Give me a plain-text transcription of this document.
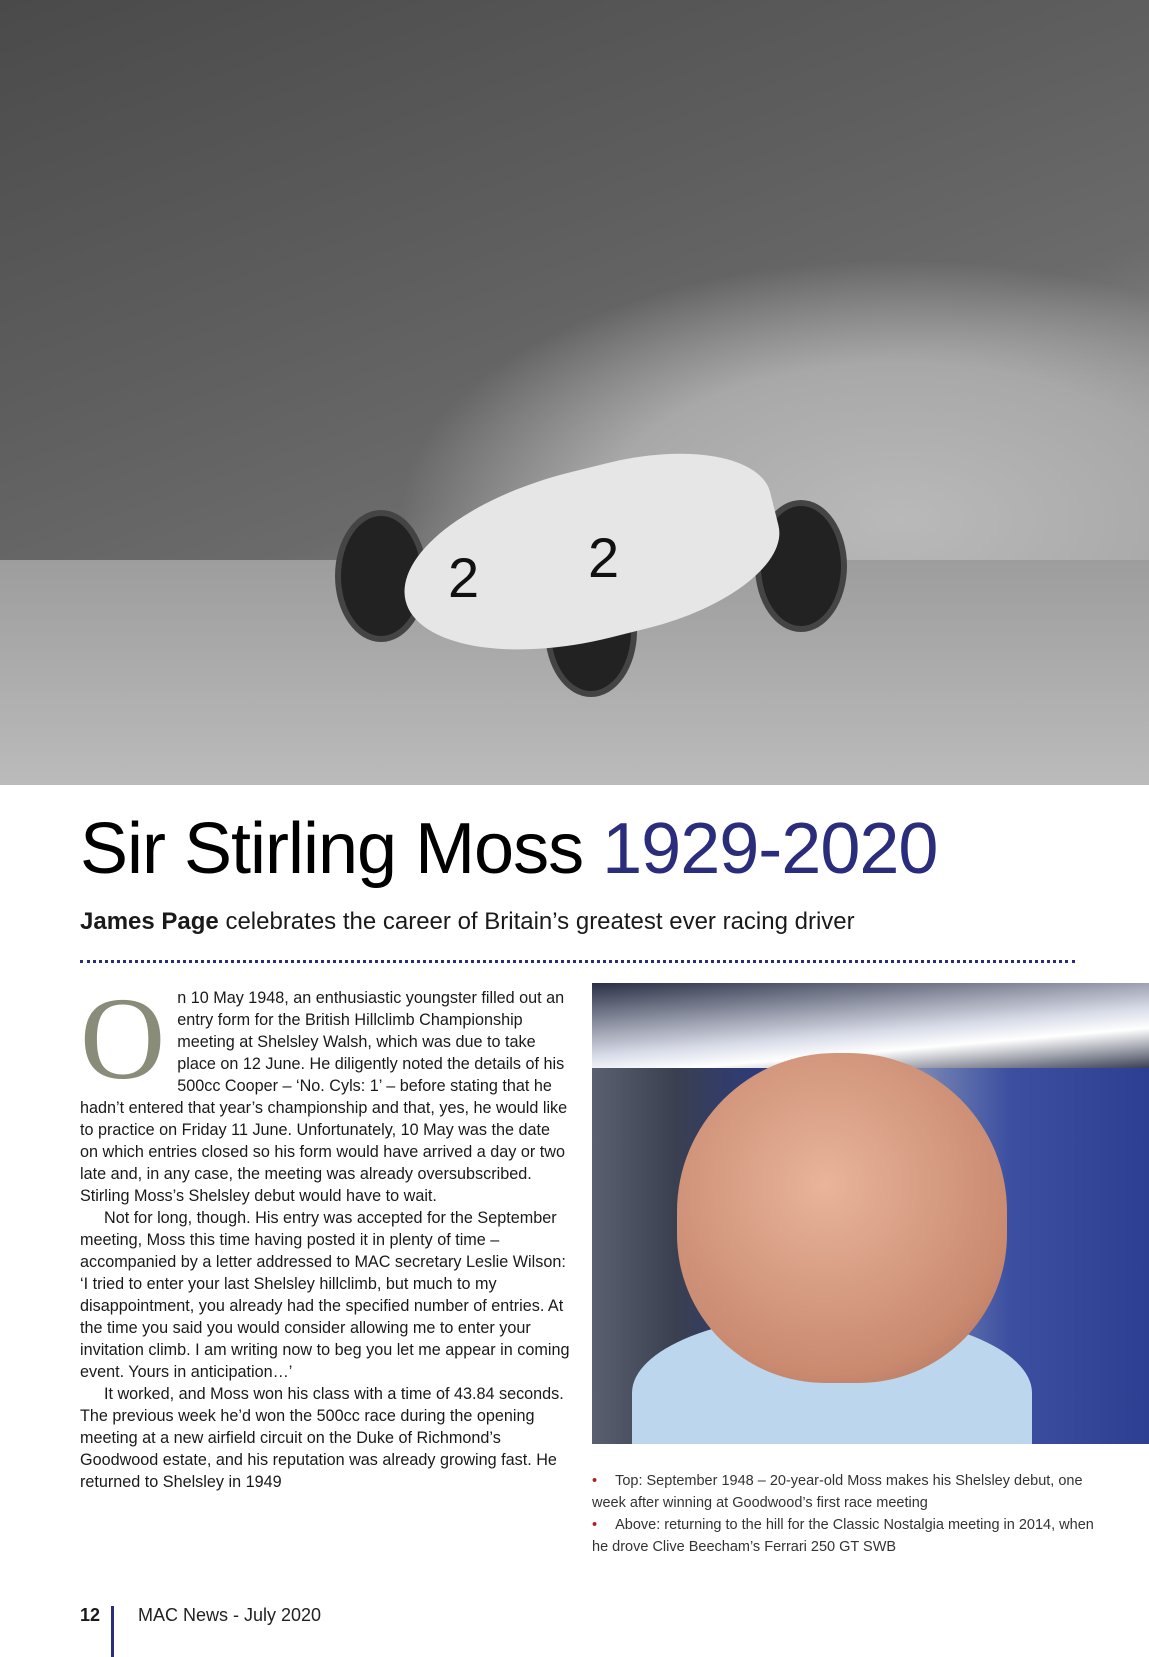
2 2
Sir Stirling Moss 1929-2020
James Page celebrates the career of Britain’s greatest ever racing driver

On 10 May 1948, an enthusiastic youngster filled out an entry form for the British Hillclimb Championship meeting at Shelsley Walsh, which was due to take place on 12 June. He diligently noted the details of his 500cc Cooper – ‘No. Cyls: 1’ – before stating that he hadn’t entered that year’s championship and that, yes, he would like to practice on Friday 11 June. Unfortunately, 10 May was the date on which entries closed so his form would have arrived a day or two late and, in any case, the meeting was already oversubscribed. Stirling Moss’s Shelsley debut would have to wait.

Not for long, though. His entry was accepted for the September meeting, Moss this time having posted it in plenty of time – accompanied by a letter addressed to MAC secretary Leslie Wilson: ‘I tried to enter your last Shelsley hillclimb, but much to my disappointment, you already had the specified number of entries. At the time you said you would consider allowing me to enter your invitation climb. I am writing now to beg you let me appear in coming event. Yours in anticipation…’

It worked, and Moss won his class with a time of 43.84 seconds. The previous week he’d won the 500cc race during the opening meeting at a new airfield circuit on the Duke of Richmond’s Goodwood estate, and his reputation was already growing fast. He returned to Shelsley in 1949	• Top: September 1948 – 20-year-old Moss makes his Shelsley debut, one week after winning at Goodwood’s first race meeting
• Above: returning to the hill for the Classic Nostalgia meeting in 2014, when he drove Clive Beecham’s Ferrari 250 GT SWB
12 MAC News - July 2020
